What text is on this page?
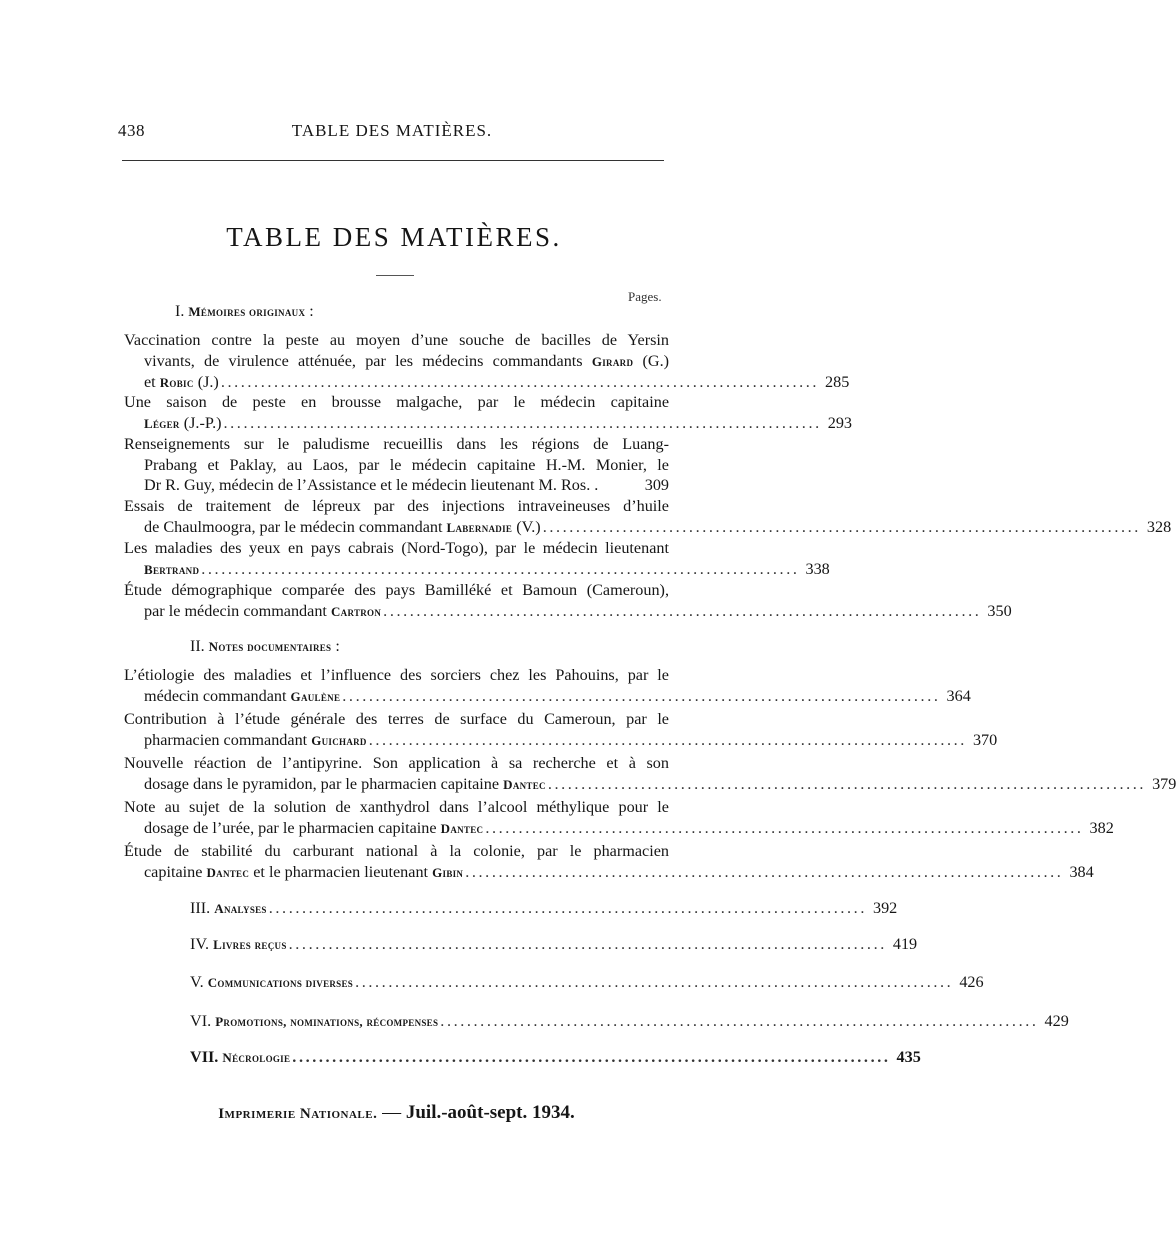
438	TABLE DES MATIÈRES.
TABLE DES MATIÈRES.
Pages.
I. Mémoires originaux :
Vaccination contre la peste au moyen d’une souche de bacilles de Yersin
vivants, de virulence atténuée, par les médecins commandants Girard (G.)
et Robic (J.) .......................................................................................... 285
Une saison de peste en brousse malgache, par le médecin capitaine
Léger (J.-P.) .......................................................................................... 293
Renseignements sur le paludisme recueillis dans les régions de Luang-
Prabang et Paklay, au Laos, par le médecin capitaine H.-M. Monier, le
Dr R. Guy, médecin de l’Assistance et le médecin lieutenant M. Ros. .	309
Essais de traitement de lépreux par des injections intraveineuses d’huile
de Chaulmoogra, par le médecin commandant Labernadie (V.) .......................................................................................... 328
Les maladies des yeux en pays cabrais (Nord-Togo), par le médecin lieutenant
Bertrand .......................................................................................... 338
Étude démographique comparée des pays Bamilléké et Bamoun (Cameroun),
par le médecin commandant Cartron .......................................................................................... 350
II. Notes documentaires :
L’étiologie des maladies et l’influence des sorciers chez les Pahouins, par le
médecin commandant Gaulène .......................................................................................... 364
Contribution à l’étude générale des terres de surface du Cameroun, par le
pharmacien commandant Guichard .......................................................................................... 370
Nouvelle réaction de l’antipyrine. Son application à sa recherche et à son
dosage dans le pyramidon, par le pharmacien capitaine Dantec .......................................................................................... 379
Note au sujet de la solution de xanthydrol dans l’alcool méthylique pour le
dosage de l’urée, par le pharmacien capitaine Dantec .......................................................................................... 382
Étude de stabilité du carburant national à la colonie, par le pharmacien
capitaine Dantec et le pharmacien lieutenant Gibin .......................................................................................... 384
III. Analyses .......................................................................................... 392
IV. Livres reçus .......................................................................................... 419
V. Communications diverses .......................................................................................... 426
VI. Promotions, nominations, récompenses .......................................................................................... 429
VII. Nécrologie .......................................................................................... 435
Imprimerie Nationale. — Juil.-août-sept. 1934.
